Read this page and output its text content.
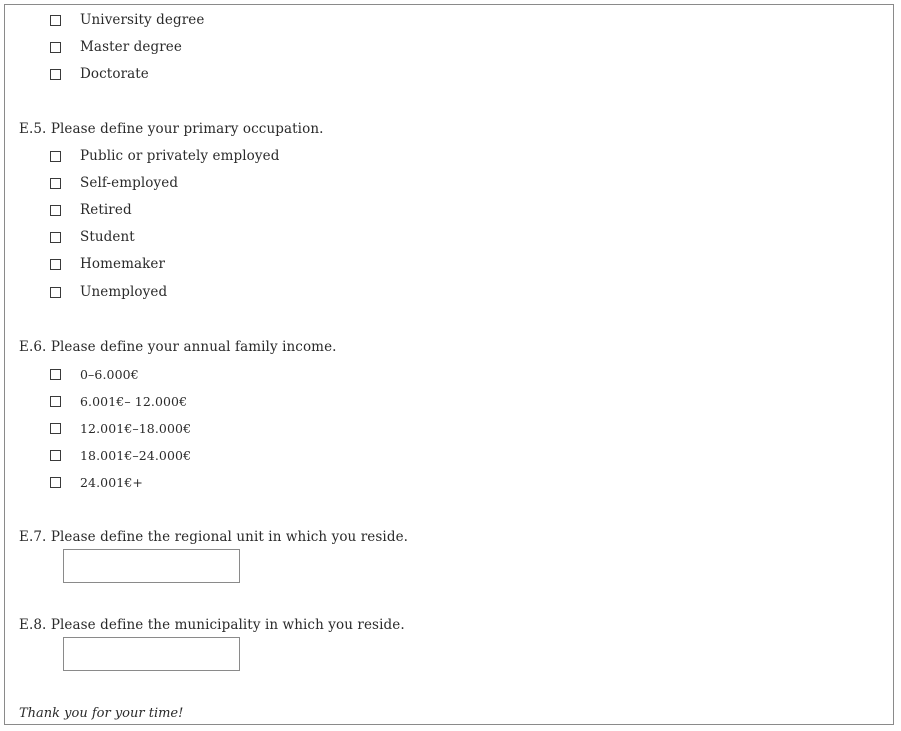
University degree
Master degree
Doctorate
E.5. Please define your primary occupation.
Public or privately employed
Self-employed
Retired
Student
Homemaker
Unemployed
E.6. Please define your annual family income.
0–6.000€
6.001€– 12.000€
12.001€–18.000€
18.001€–24.000€
24.001€+
E.7. Please define the regional unit in which you reside.
E.8. Please define the municipality in which you reside.
Thank you for your time!
